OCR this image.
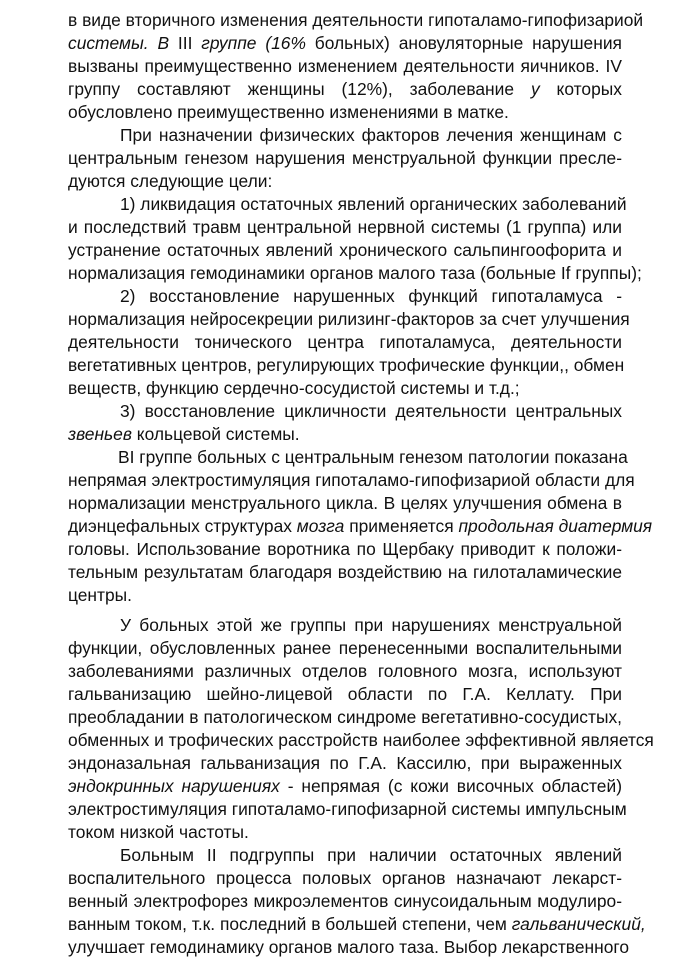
в виде вторичного изменения деятельности гипоталамо-гипофизариой
системы. В III группе (16% больных) ановуляторные нарушения
вызваны преимущественно изменением деятельности яичников. IV
группу составляют женщины (12%), заболевание у которых
обусловлено преимущественно изменениями в матке.
При назначении физических факторов лечения женщинам с
центральным генезом нарушения менструальной функции пресле-
дуются следующие цели:
1) ликвидация остаточных явлений органических заболеваний
и последствий травм центральной нервной системы (1 группа) или
устранение остаточных явлений хронического сальпингоофорита и
нормализация гемодинамики органов малого таза (больные If группы);
2) восстановление нарушенных функций гипоталамуса -
нормализация нейросекреции рилизинг-факторов за счет улучшения
деятельности тонического центра гипоталамуса, деятельности
вегетативных центров, регулирующих трофические функции,, обмен
веществ, функцию сердечно-сосудистой системы и т.д.;
3) восстановление цикличности деятельности центральных
звеньев кольцевой системы.
BI группе больных с центральным генезом патологии показана
непрямая электростимуляция гипоталамо-гипофизариой области для
нормализации менструального цикла. В целях улучшения обмена в
диэнцефальных структурах мозга применяется продольная диатермия
головы. Использование воротника по Щербаку приводит к положи-
тельным результатам благодаря воздействию на гилоталамические
центры.
У больных этой же группы при нарушениях менструальной
функции, обусловленных ранее перенесенными воспалительными
заболеваниями различных отделов головного мозга, используют
гальванизацию шейно-лицевой области по Г.А. Келлату. При
преобладании в патологическом синдроме вегетативно-сосудистых,
обменных и трофических расстройств наиболее эффективной является
эндоназальная гальванизация по Г.А. Кассилю, при выраженных
эндокринных нарушениях - непрямая (с кожи височных областей)
электростимуляция гипоталамо-гипофизарной системы импульсным
током низкой частоты.
Больным II подгруппы при наличии остаточных явлений
воспалительного процесса половых органов назначают лекарст-
венный электрофорез микроэлементов синусоидальным модулиро-
ванным током, т.к. последний в большей степени, чем гальванический,
улучшает гемодинамику органов малого таза. Выбор лекарственного
